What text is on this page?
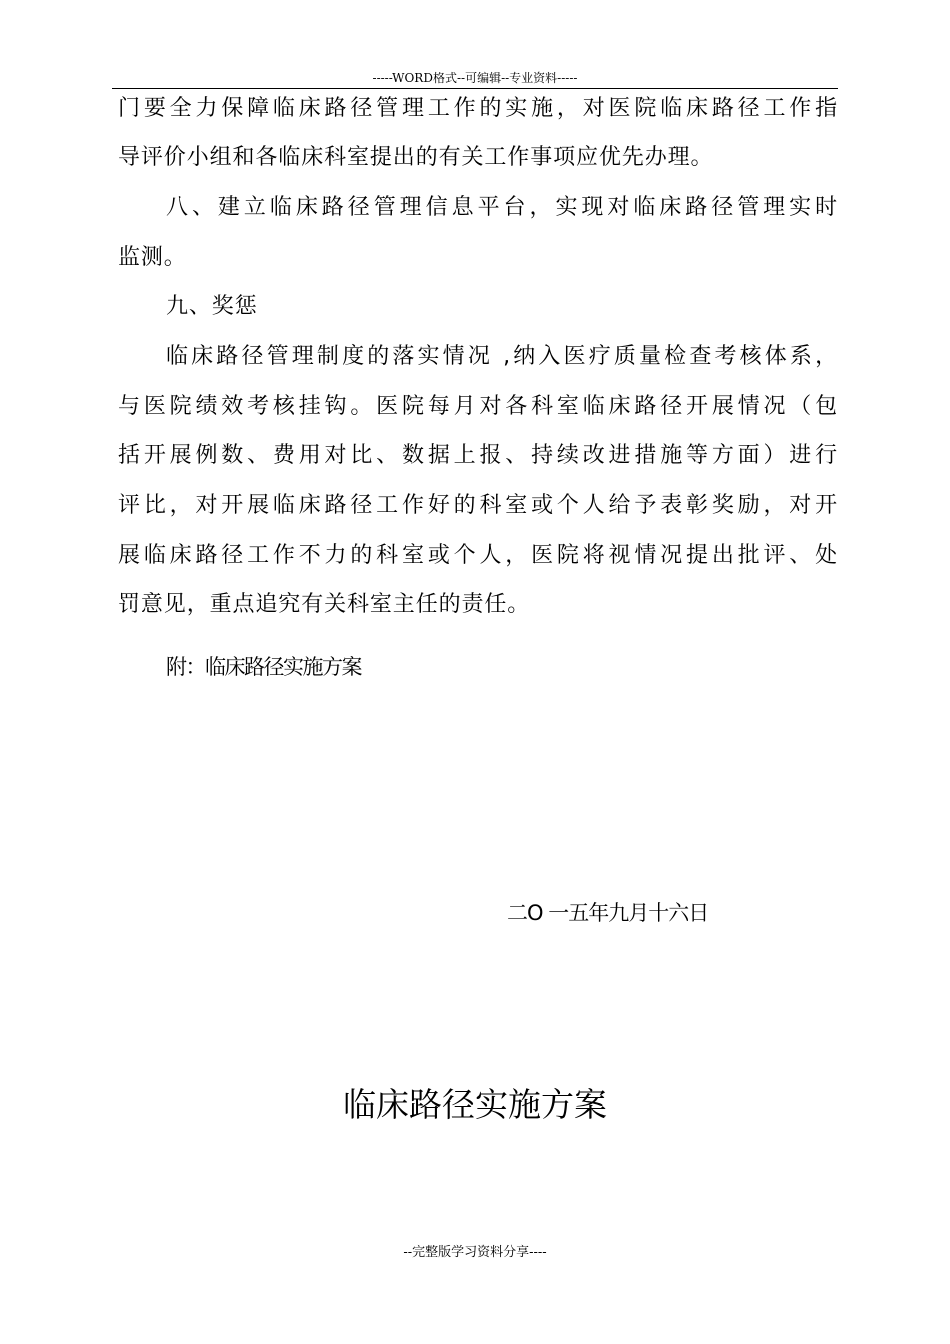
-----WORD格式--可编辑--专业资料-----
门要全力保障临床路径管理工作的实施，对医院临床路径工作指
导评价小组和各临床科室提出的有关工作事项应优先办理。
八、建立临床路径管理信息平台，实现对临床路径管理实时
监测。
九、奖惩
临床路径管理制度的落实情况 ,纳入医疗质量检查考核体系，
与医院绩效考核挂钩。医院每月对各科室临床路径开展情况（包
括开展例数、费用对比、数据上报、持续改进措施等方面）进行
评比，对开展临床路径工作好的科室或个人给予表彰奖励，对开
展临床路径工作不力的科室或个人，医院将视情况提出批评、处
罚意见，重点追究有关科室主任的责任。
附：临床路径实施方案
二O 一五年九月十六日
临床路径实施方案
--完整版学习资料分享----
